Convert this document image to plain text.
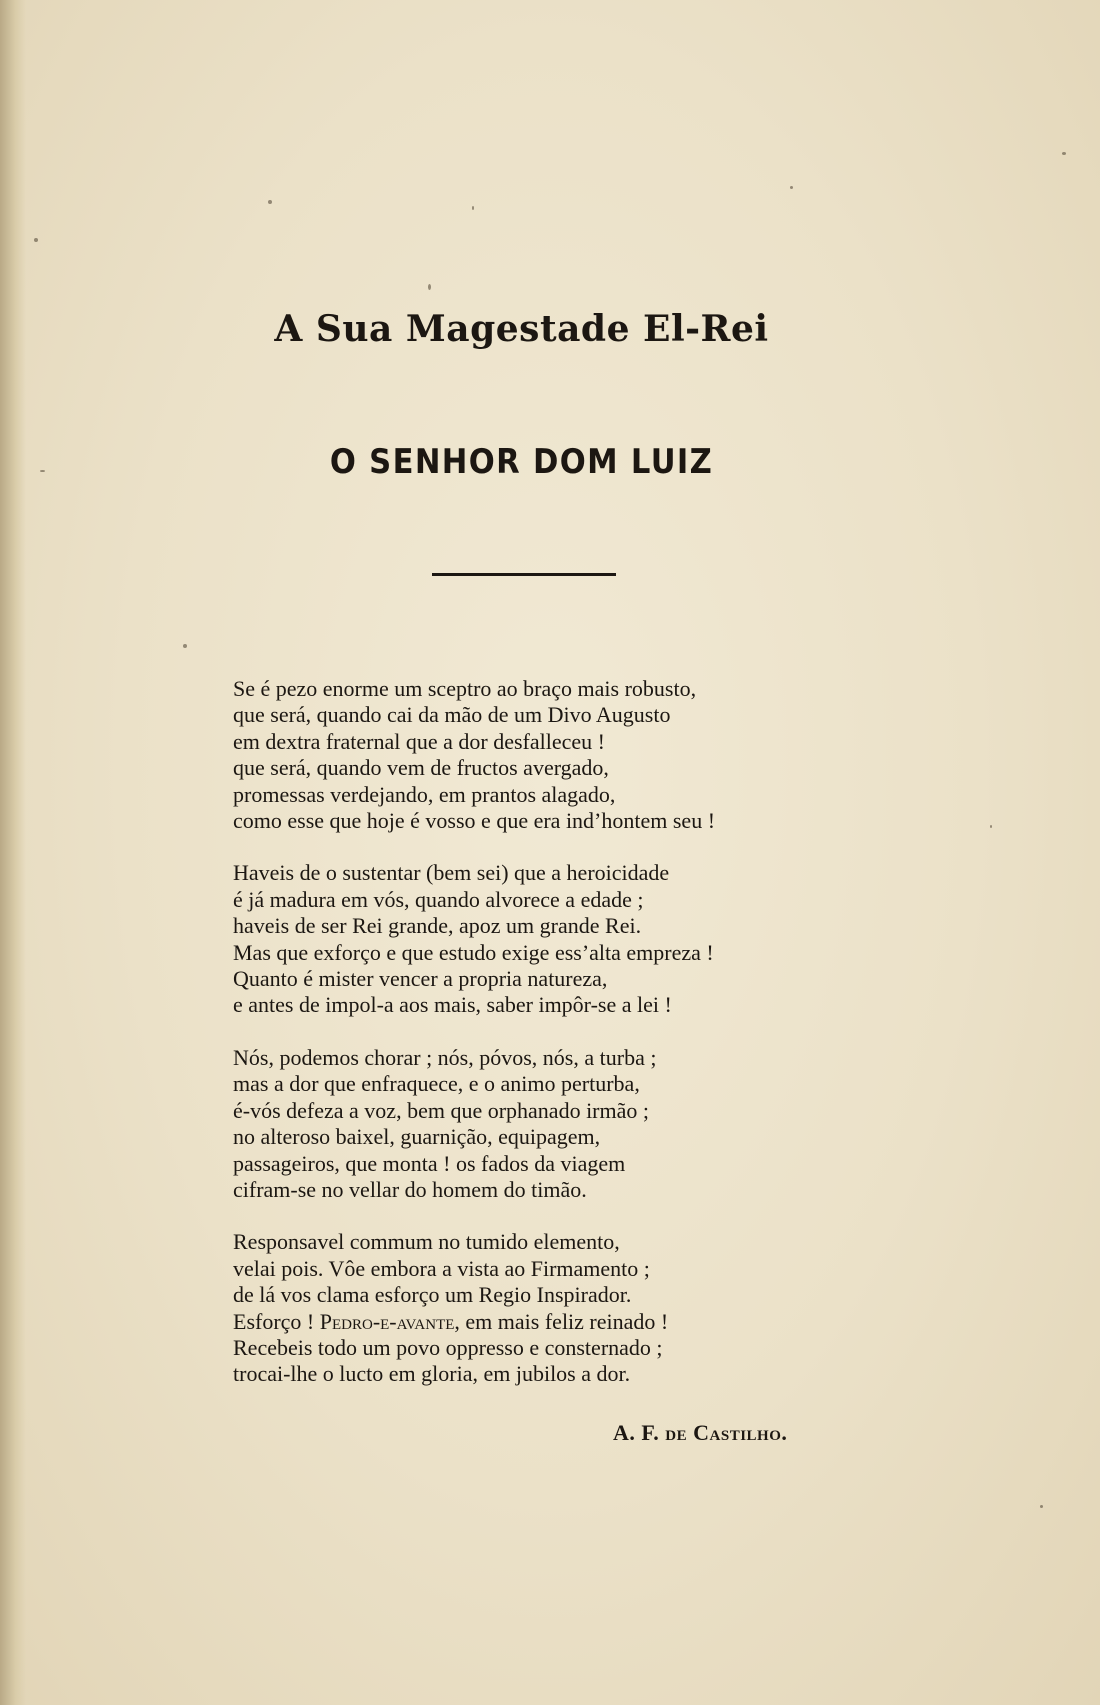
A Sua Magestade El-Rei
O SENHOR DOM LUIZ
Se é pezo enorme um sceptro ao braço mais robusto,
que será, quando cai da mão de um Divo Augusto
em dextra fraternal que a dor desfalleceu !
que será, quando vem de fructos avergado,
promessas verdejando, em prantos alagado,
como esse que hoje é vosso e que era ind’hontem seu !
Haveis de o sustentar (bem sei) que a heroicidade
é já madura em vós, quando alvorece a edade ;
haveis de ser Rei grande, apoz um grande Rei.
Mas que exforço e que estudo exige ess’alta empreza !
Quanto é mister vencer a propria natureza,
e antes de impol-a aos mais, saber impôr-se a lei !
Nós, podemos chorar ; nós, póvos, nós, a turba ;
mas a dor que enfraquece, e o animo perturba,
é-vós defeza a voz, bem que orphanado irmão ;
no alteroso baixel, guarnição, equipagem,
passageiros, que monta ! os fados da viagem
cifram-se no vellar do homem do timão.
Responsavel commum no tumido elemento,
velai pois. Vôe embora a vista ao Firmamento ;
de lá vos clama esforço um Regio Inspirador.
Esforço ! Pedro-e-avante, em mais feliz reinado !
Recebeis todo um povo oppresso e consternado ;
trocai-lhe o lucto em gloria, em jubilos a dor.
A. F. de Castilho.
